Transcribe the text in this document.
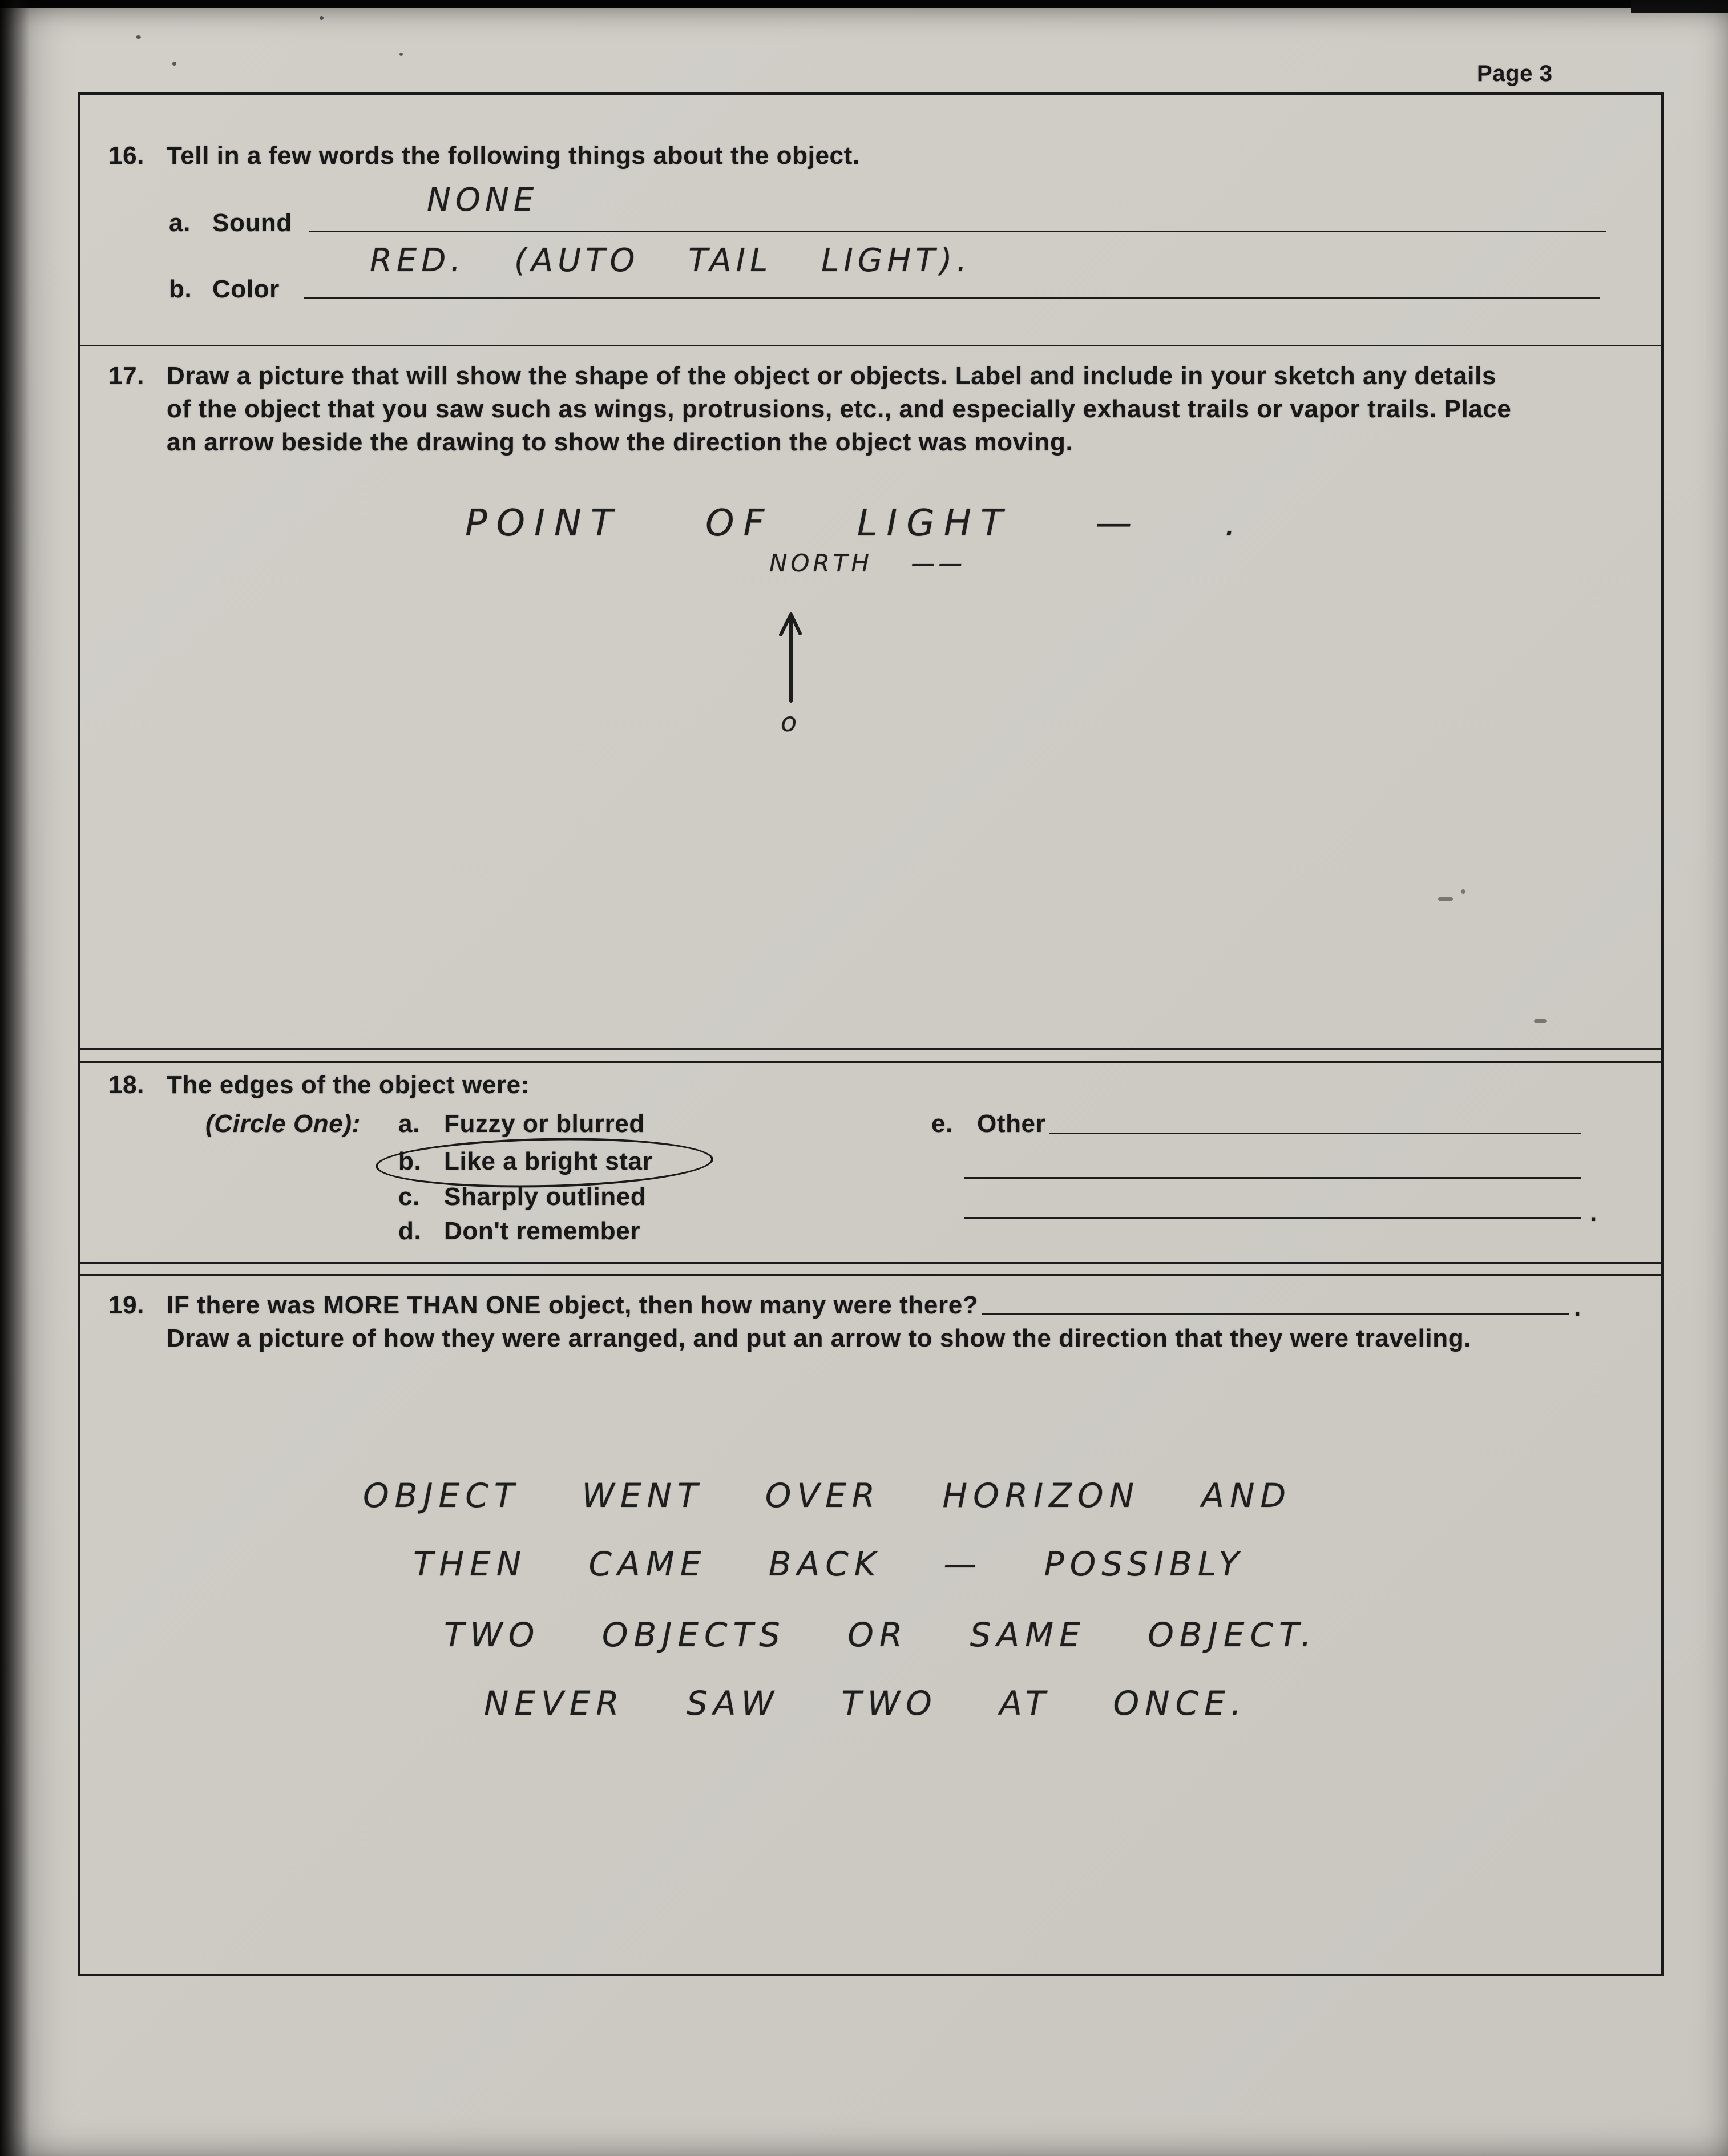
Page 3
16. Tell in a few words the following things about the object.
a. Sound
NONE
b. Color
RED. (AUTO TAIL LIGHT).
17. Draw a picture that will show the shape of the object or objects. Label and include in your sketch any details
of the object that you saw such as wings, protrusions, etc., and especially exhaust trails or vapor trails. Place
an arrow beside the drawing to show the direction the object was moving.
POINT OF LIGHT — .
NORTH ——
o
18. The edges of the object were:
(Circle One): a. Fuzzy or blurred
b. Like a bright star
c. Sharply outlined
d. Don't remember
e. Other
.
19. IF there was MORE THAN ONE object, then how many were there?	.
Draw a picture of how they were arranged, and put an arrow to show the direction that they were traveling.
OBJECT WENT OVER HORIZON AND
THEN CAME BACK — POSSIBLY
TWO OBJECTS OR SAME OBJECT.
NEVER SAW TWO AT ONCE.
